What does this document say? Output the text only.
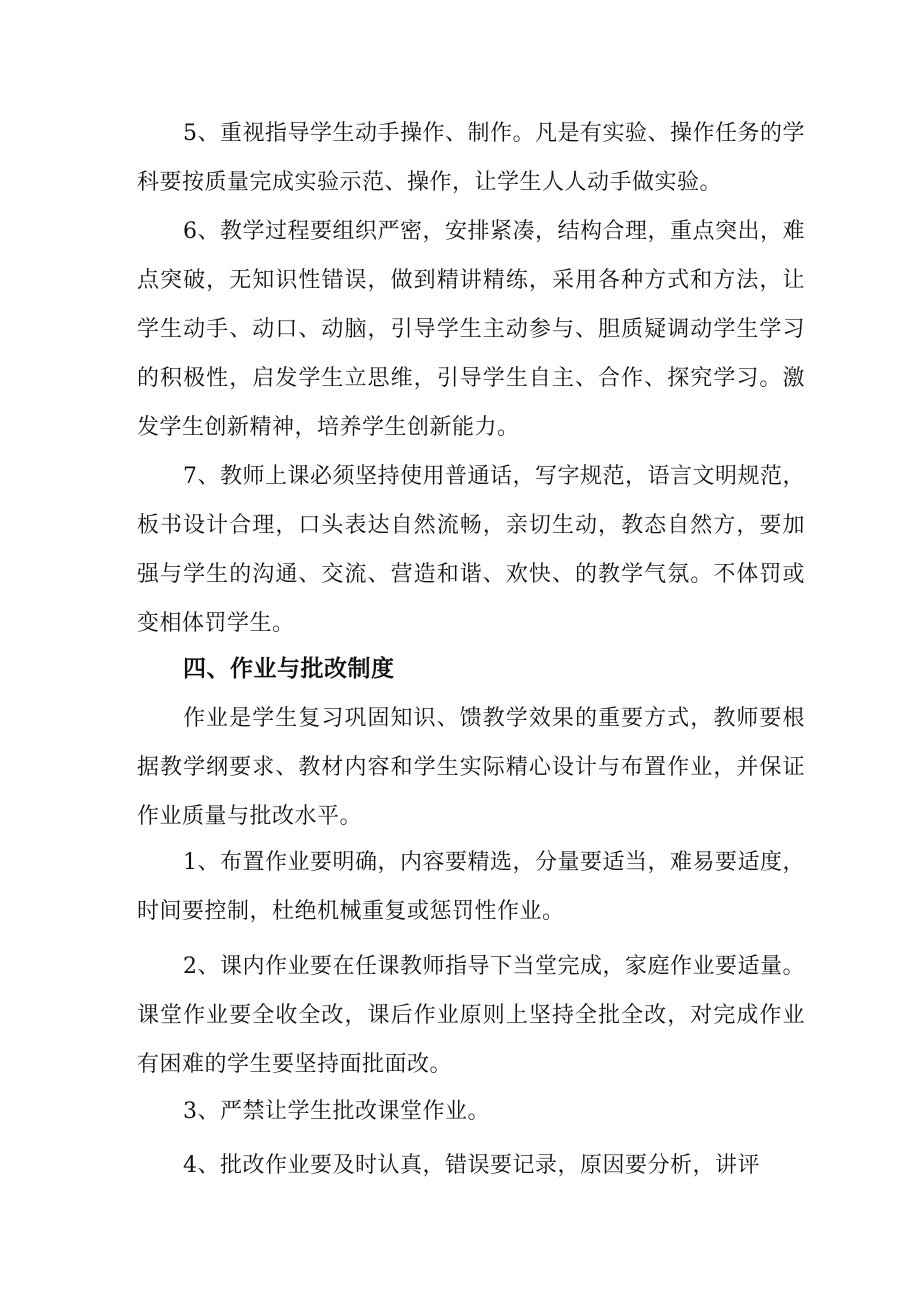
5、重视指导学生动手操作、制作。凡是有实验、操作任务的学科要按质量完成实验示范、操作，让学生人人动手做实验。

6、教学过程要组织严密，安排紧凑，结构合理，重点突出，难点突破，无知识性错误，做到精讲精练，采用各种方式和方法，让学生动手、动口、动脑，引导学生主动参与、胆质疑调动学生学习的积极性，启发学生立思维，引导学生自主、合作、探究学习。激发学生创新精神，培养学生创新能力。

7、教师上课必须坚持使用普通话，写字规范，语言文明规范，板书设计合理，口头表达自然流畅，亲切生动，教态自然方，要加强与学生的沟通、交流、营造和谐、欢快、的教学气氛。不体罚或变相体罚学生。

四、作业与批改制度

作业是学生复习巩固知识、馈教学效果的重要方式，教师要根据教学纲要求、教材内容和学生实际精心设计与布置作业，并保证作业质量与批改水平。

1、布置作业要明确，内容要精选，分量要适当，难易要适度，时间要控制，杜绝机械重复或惩罚性作业。

2、课内作业要在任课教师指导下当堂完成，家庭作业要适量。课堂作业要全收全改，课后作业原则上坚持全批全改，对完成作业有困难的学生要坚持面批面改。

3、严禁让学生批改课堂作业。

4、批改作业要及时认真，错误要记录，原因要分析，讲评
